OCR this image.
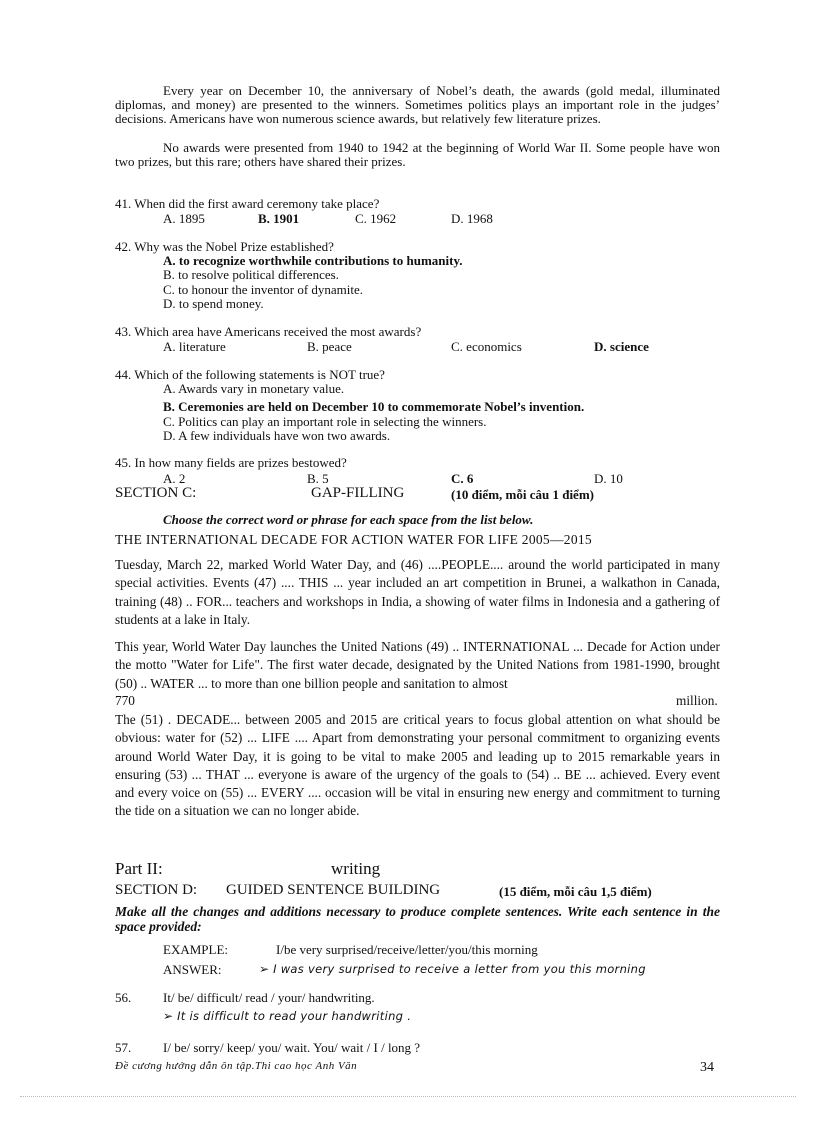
Every year on December 10, the anniversary of Nobel’s death, the awards (gold medal, illuminated diplomas, and money) are presented to the winners. Sometimes politics plays an important role in the judges’ decisions. Americans have won numerous science awards, but relatively few literature prizes.
No awards were presented from 1940 to 1942 at the beginning of World War II. Some people have won two prizes, but this rare; others have shared their prizes.
41. When did the first award ceremony take place?
A. 1895	B. 1901	C. 1962	D. 1968
42. Why was the Nobel Prize established?
A. to recognize worthwhile contributions to humanity.
B. to resolve political differences.
C. to honour the inventor of dynamite.
D. to spend money.
43. Which area have Americans received the most awards?
A. literature	B. peace	C. economics	D. science
44. Which of the following statements is NOT true?
A. Awards vary in monetary value.
B. Ceremonies are held on December 10 to commemorate Nobel’s invention.
C. Politics can play an important role in selecting the winners.
D. A few individuals have won two awards.
45. In how many fields are prizes bestowed?
A. 2	B. 5	C. 6	D. 10
SECTION C:	GAP-FILLING	(10 điểm, mỗi câu 1 điểm)
Choose the correct word or phrase for each space from the list below.
THE INTERNATIONAL DECADE FOR ACTION WATER FOR LIFE 2005—2015
Tuesday, March 22, marked World Water Day, and (46) ....PEOPLE.... around the world participated in many special activities. Events (47) .... THIS ... year included an art competition in Brunei, a walkathon in Canada, training (48) .. FOR... teachers and workshops in India, a showing of water films in Indonesia and a gathering of students at a lake in Italy.
This year, World Water Day launches the United Nations (49) .. INTERNATIONAL ... Decade for Action under the motto "Water for Life". The first water decade, designated by the United Nations from 1981-1990, brought (50) .. WATER ... to more than one billion people and sanitation to almost
770	million.
The (51) . DECADE... between 2005 and 2015 are critical years to focus global attention on what should be obvious: water for (52) ... LIFE .... Apart from demonstrating your personal commitment to organizing events around World Water Day, it is going to be vital to make 2005 and leading up to 2015 remarkable years in ensuring (53) ... THAT ... everyone is aware of the urgency of the goals to (54) .. BE ... achieved. Every event and every voice on (55) ... EVERY .... occasion will be vital in ensuring new energy and commitment to turning the tide on a situation we can no longer abide.
Part II:	writing
SECTION D: GUIDED SENTENCE BUILDING	(15 điểm, mỗi câu 1,5 điểm)
Make all the changes and additions necessary to produce complete sentences. Write each sentence in the space provided:
EXAMPLE:	I/be very surprised/receive/letter/you/this morning
ANSWER:	➢ I was very surprised to receive a letter from you this morning
56. It/ be/ difficult/ read / your/ handwriting.
➢ It is difficult to read your handwriting .
57. I/ be/ sorry/ keep/ you/ wait. You/ wait / I / long ?
Đề cương hướng dẫn ôn tập.Thi cao học Anh Văn	34
